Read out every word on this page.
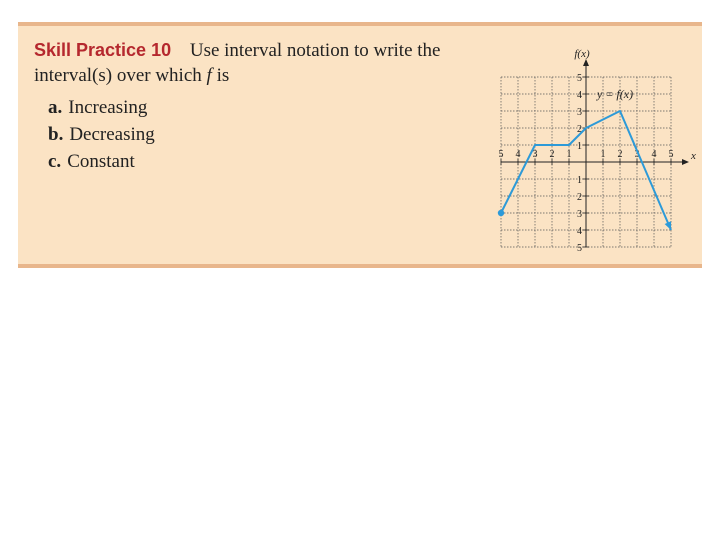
Skill Practice 10 Use interval notation to write the interval(s) over which f is

a. Increasing
b. Decreasing
c. Constant	5 4 3 2 1	1 2 3 4 5
5
4
3
2
1
1
2
3
4
5
f(x)
x
y = f(x)
